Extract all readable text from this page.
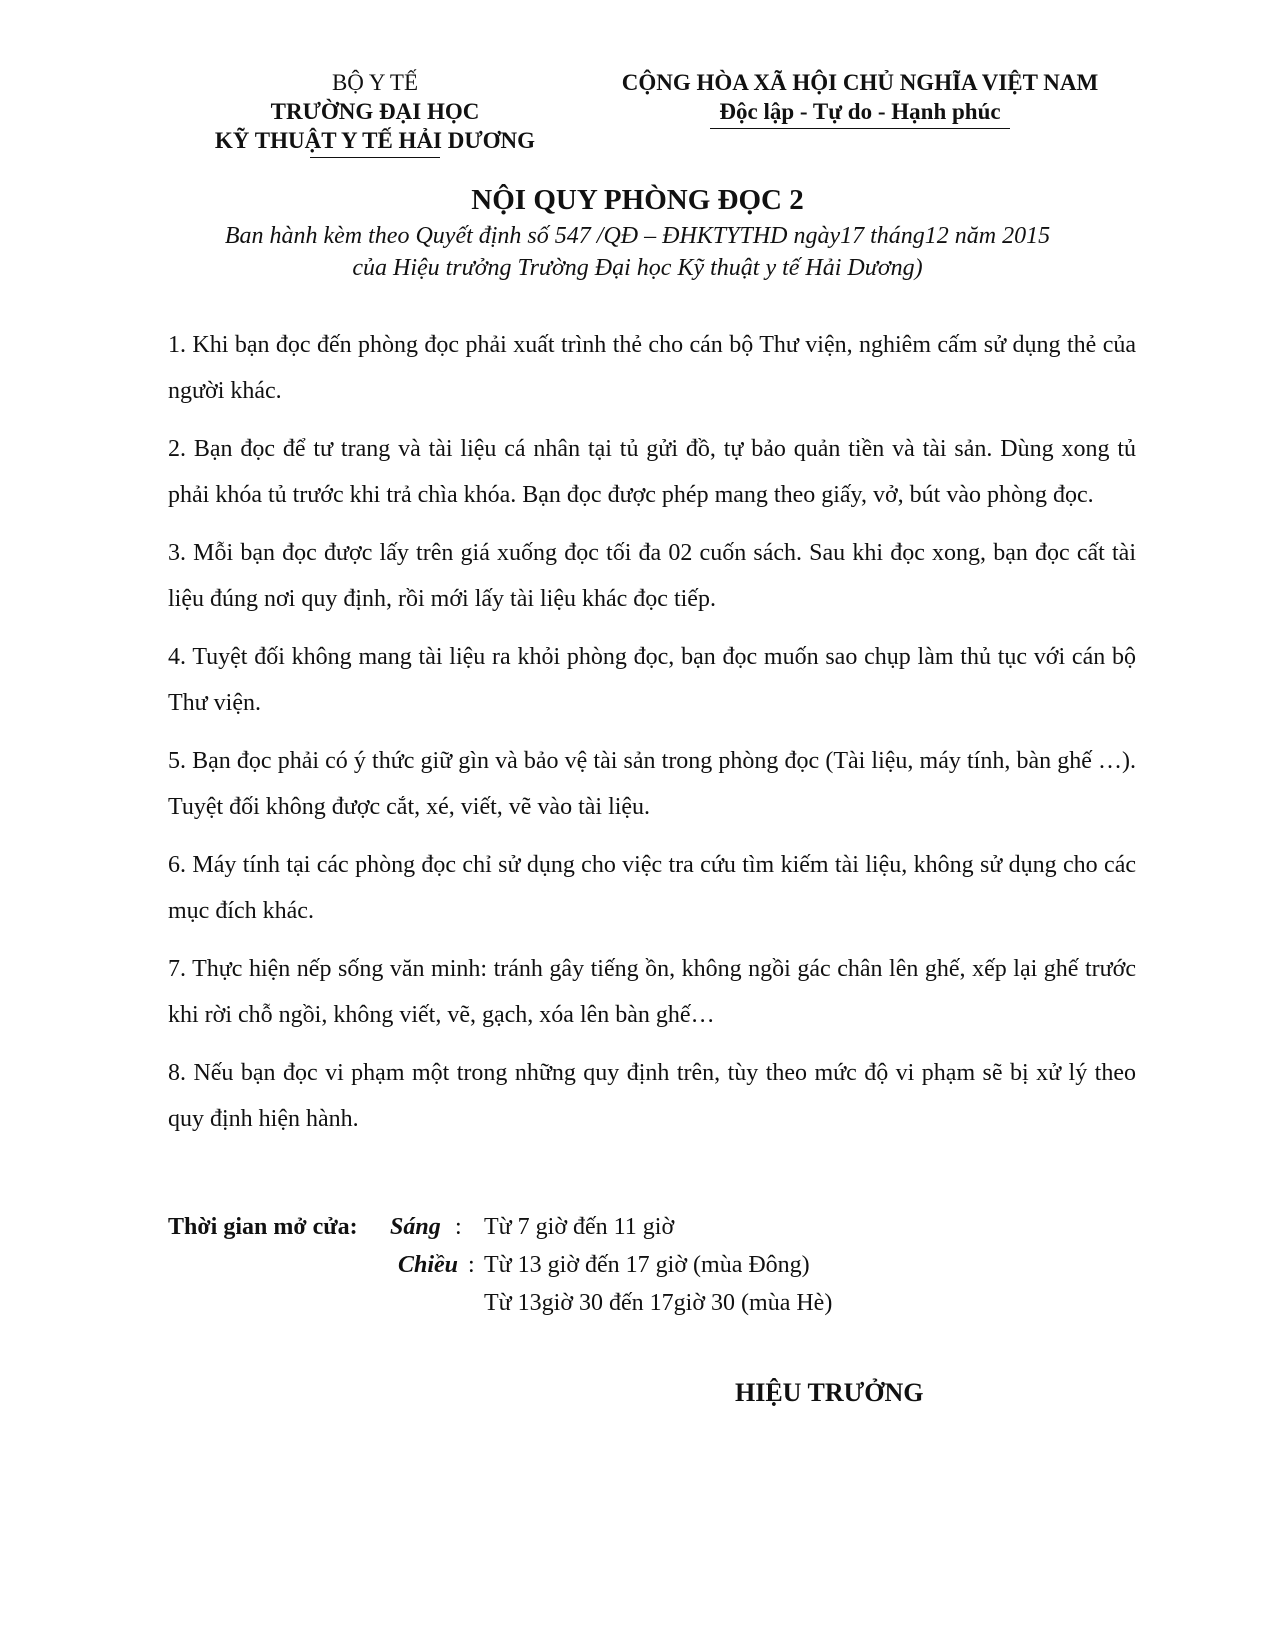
BỘ Y TẾ
TRƯỜNG ĐẠI HỌC
KỸ THUẬT Y TẾ HẢI DƯƠNG
CỘNG HÒA XÃ HỘI CHỦ NGHĨA VIỆT NAM
Độc lập - Tự do - Hạnh phúc
NỘI QUY PHÒNG ĐỌC 2
Ban hành kèm theo Quyết định số 547 /QĐ – ĐHKTYTHD ngày17 tháng12 năm 2015
của Hiệu trưởng Trường Đại học Kỹ thuật y tế Hải Dương)

1. Khi bạn đọc đến phòng đọc phải xuất trình thẻ cho cán bộ Thư viện, nghiêm cấm sử dụng thẻ của người khác.

2. Bạn đọc để tư trang và tài liệu cá nhân tại tủ gửi đồ, tự bảo quản tiền và tài sản. Dùng xong tủ phải khóa tủ trước khi trả chìa khóa. Bạn đọc được phép mang theo giấy, vở, bút vào phòng đọc.

3. Mỗi bạn đọc được lấy trên giá xuống đọc tối đa 02 cuốn sách. Sau khi đọc xong, bạn đọc cất tài liệu đúng nơi quy định, rồi mới lấy tài liệu khác đọc tiếp.

4. Tuyệt đối không mang tài liệu ra khỏi phòng đọc, bạn đọc muốn sao chụp làm thủ tục với cán bộ Thư viện.

5. Bạn đọc phải có ý thức giữ gìn và bảo vệ tài sản trong phòng đọc (Tài liệu, máy tính, bàn ghế …). Tuyệt đối không được cắt, xé, viết, vẽ vào tài liệu.

6. Máy tính tại các phòng đọc chỉ sử dụng cho việc tra cứu tìm kiếm tài liệu, không sử dụng cho các mục đích khác.

7. Thực hiện nếp sống văn minh: tránh gây tiếng ồn, không ngồi gác chân lên ghế, xếp lại ghế trước khi rời chỗ ngồi, không viết, vẽ, gạch, xóa lên bàn ghế…

8. Nếu bạn đọc vi phạm một trong những quy định trên, tùy theo mức độ vi phạm sẽ bị xử lý theo quy định hiện hành.

Thời gian mở cửa: Sáng : Từ 7 giờ đến 11 giờ
Chiều : Từ 13 giờ đến 17 giờ (mùa Đông)
Từ 13giờ 30 đến 17giờ 30 (mùa Hè)
HIỆU TRƯỞNG
